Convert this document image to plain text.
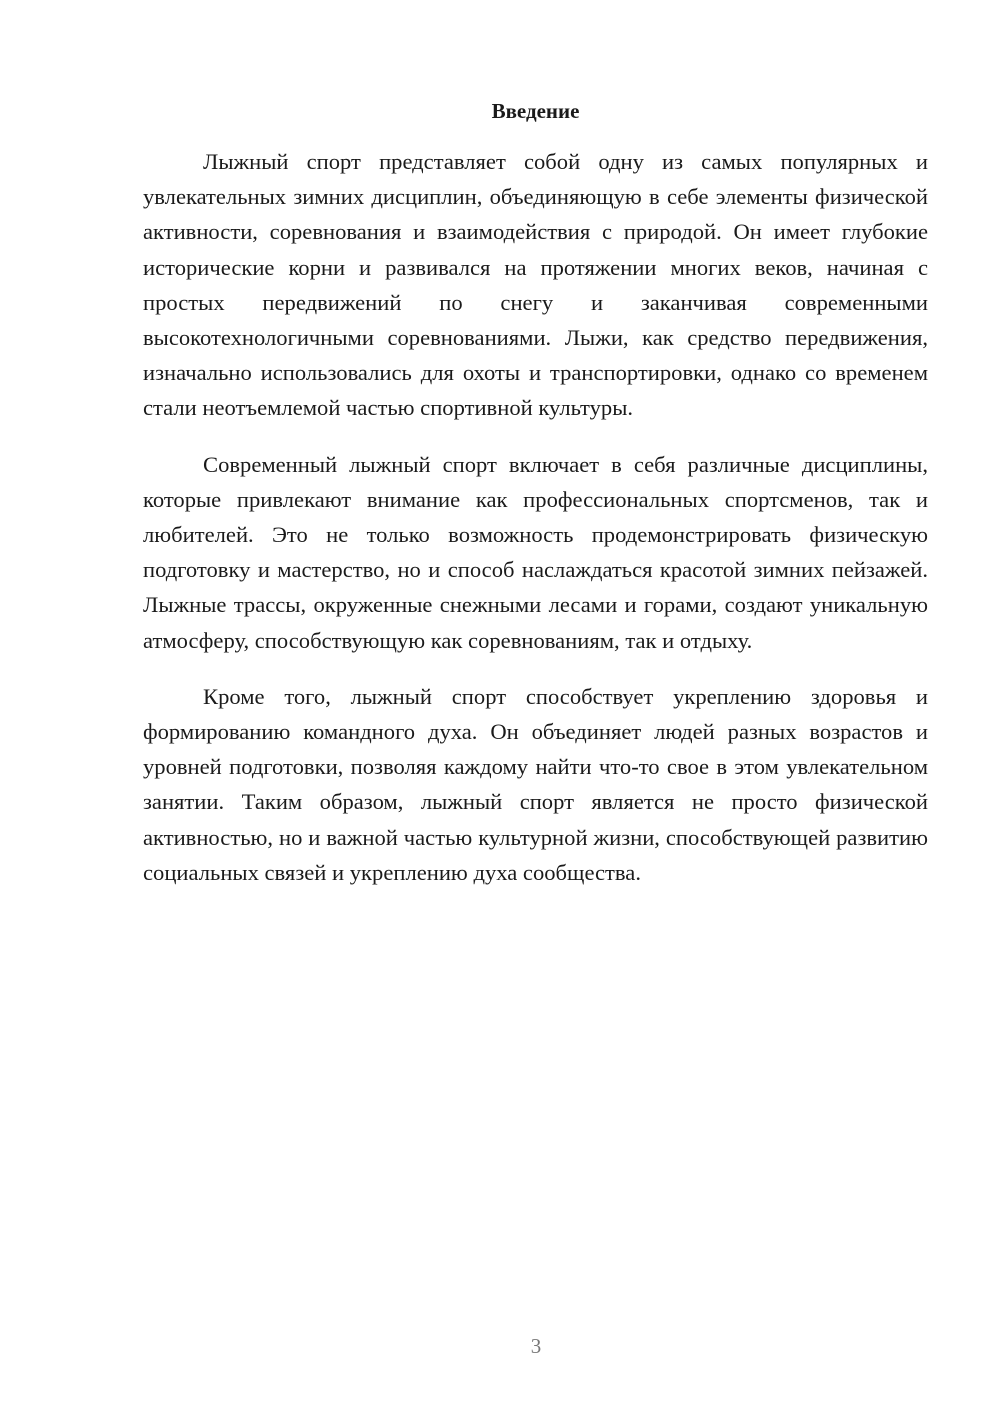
Введение

Лыжный спорт представляет собой одну из самых популярных и увлекательных зимних дисциплин, объединяющую в себе элементы физической активности, соревнования и взаимодействия с природой. Он имеет глубокие исторические корни и развивался на протяжении многих веков, начиная с простых передвижений по снегу и заканчивая современными высокотехнологичными соревнованиями. Лыжи, как средство передвижения, изначально использовались для охоты и транспортировки, однако со временем стали неотъемлемой частью спортивной культуры.

Современный лыжный спорт включает в себя различные дисциплины, которые привлекают внимание как профессиональных спортсменов, так и любителей. Это не только возможность продемонстрировать физическую подготовку и мастерство, но и способ наслаждаться красотой зимних пейзажей. Лыжные трассы, окруженные снежными лесами и горами, создают уникальную атмосферу, способствующую как соревнованиям, так и отдыху.

Кроме того, лыжный спорт способствует укреплению здоровья и формированию командного духа. Он объединяет людей разных возрастов и уровней подготовки, позволяя каждому найти что-то свое в этом увлекательном занятии. Таким образом, лыжный спорт является не просто физической активностью, но и важной частью культурной жизни, способствующей развитию социальных связей и укреплению духа сообщества.

3
